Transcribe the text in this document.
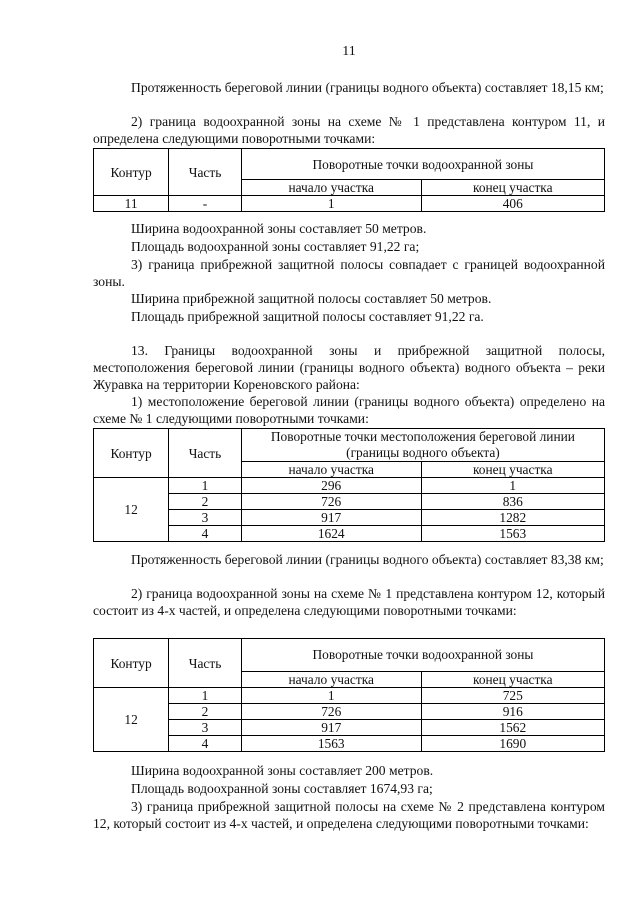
11
Протяженность береговой линии (границы водного объекта) составляет 18,15 км;
2) граница водоохранной зоны на схеме № 1 представлена контуром 11, и определена следующими поворотными точками:
Контур	Часть	Поворотные точки водоохранной зоны	
		начало участка	конец участка
11	-	1	406
Ширина водоохранной зоны составляет 50 метров.
Площадь водоохранной зоны составляет 91,22 га;
3) граница прибрежной защитной полосы совпадает с границей водоохранной зоны.
Ширина прибрежной защитной полосы составляет 50 метров.
Площадь прибрежной защитной полосы составляет 91,22 га.
13. Границы водоохранной зоны и прибрежной защитной полосы, местоположения береговой линии (границы водного объекта) водного объекта – реки Журавка на территории Кореновского района:
1) местоположение береговой линии (границы водного объекта) определено на схеме № 1 следующими поворотными точками:
Контур	Часть	Поворотные точки местоположения береговой линии (границы водного объекта)	
		начало участка	конец участка
12	1	296	1
	2	726	836
	3	917	1282
	4	1624	1563
Протяженность береговой линии (границы водного объекта) составляет 83,38 км;
2) граница водоохранной зоны на схеме № 1 представлена контуром 12, который состоит из 4-х частей, и определена следующими поворотными точками:
Контур	Часть	Поворотные точки водоохранной зоны	
		начало участка	конец участка
12	1	1	725
	2	726	916
	3	917	1562
	4	1563	1690
Ширина водоохранной зоны составляет 200 метров.
Площадь водоохранной зоны составляет 1674,93 га;
3) граница прибрежной защитной полосы на схеме № 2 представлена контуром 12, который состоит из 4-х частей, и определена следующими поворотными точками:
